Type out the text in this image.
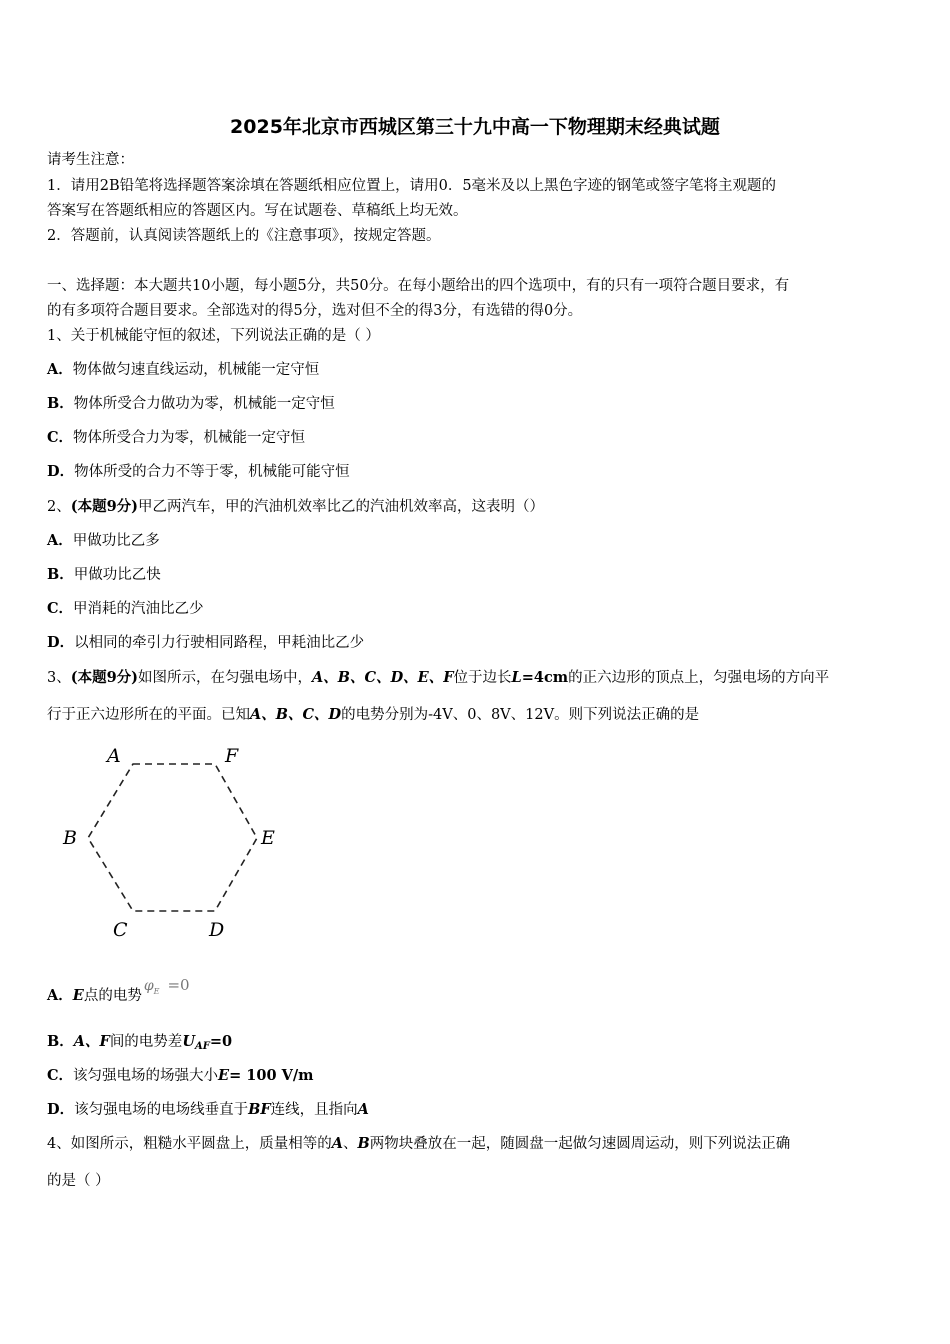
2025年北京市西城区第三十九中高一下物理期末经典试题
请考生注意：
1．请用2B铅笔将选择题答案涂填在答题纸相应位置上，请用0．5毫米及以上黑色字迹的钢笔或签字笔将主观题的
答案写在答题纸相应的答题区内。写在试题卷、草稿纸上均无效。
2．答题前，认真阅读答题纸上的《注意事项》，按规定答题。
一、选择题：本大题共10小题，每小题5分，共50分。在每小题给出的四个选项中，有的只有一项符合题目要求，有
的有多项符合题目要求。全部选对的得5分，选对但不全的得3分，有选错的得0分。
1、关于机械能守恒的叙述，下列说法正确的是（ ）
A．物体做匀速直线运动，机械能一定守恒
B．物体所受合力做功为零，机械能一定守恒
C．物体所受合力为零，机械能一定守恒
D．物体所受的合力不等于零，机械能可能守恒
2、(本题9分)甲乙两汽车，甲的汽油机效率比乙的汽油机效率高，这表明（）
A．甲做功比乙多
B．甲做功比乙快
C．甲消耗的汽油比乙少
D．以相同的牵引力行驶相同路程，甲耗油比乙少
3、(本题9分)如图所示，在匀强电场中，A、B、C、D、E、F位于边长L=4cm的正六边形的顶点上，匀强电场的方向平
行于正六边形所在的平面。已知A、B、C、D的电势分别为-4V、0、8V、12V。则下列说法正确的是
A	F
B	E
C	D
A．E点的电势$\varphi_E =0$
B．A、F间的电势差$U_{AF}=0$
C．该匀强电场的场强大小E= 100 V/m
D．该匀强电场的电场线垂直于BF连线，且指向A
4、如图所示，粗糙水平圆盘上，质量相等的A、B两物块叠放在一起，随圆盘一起做匀速圆周运动，则下列说法正确
的是（ ）
